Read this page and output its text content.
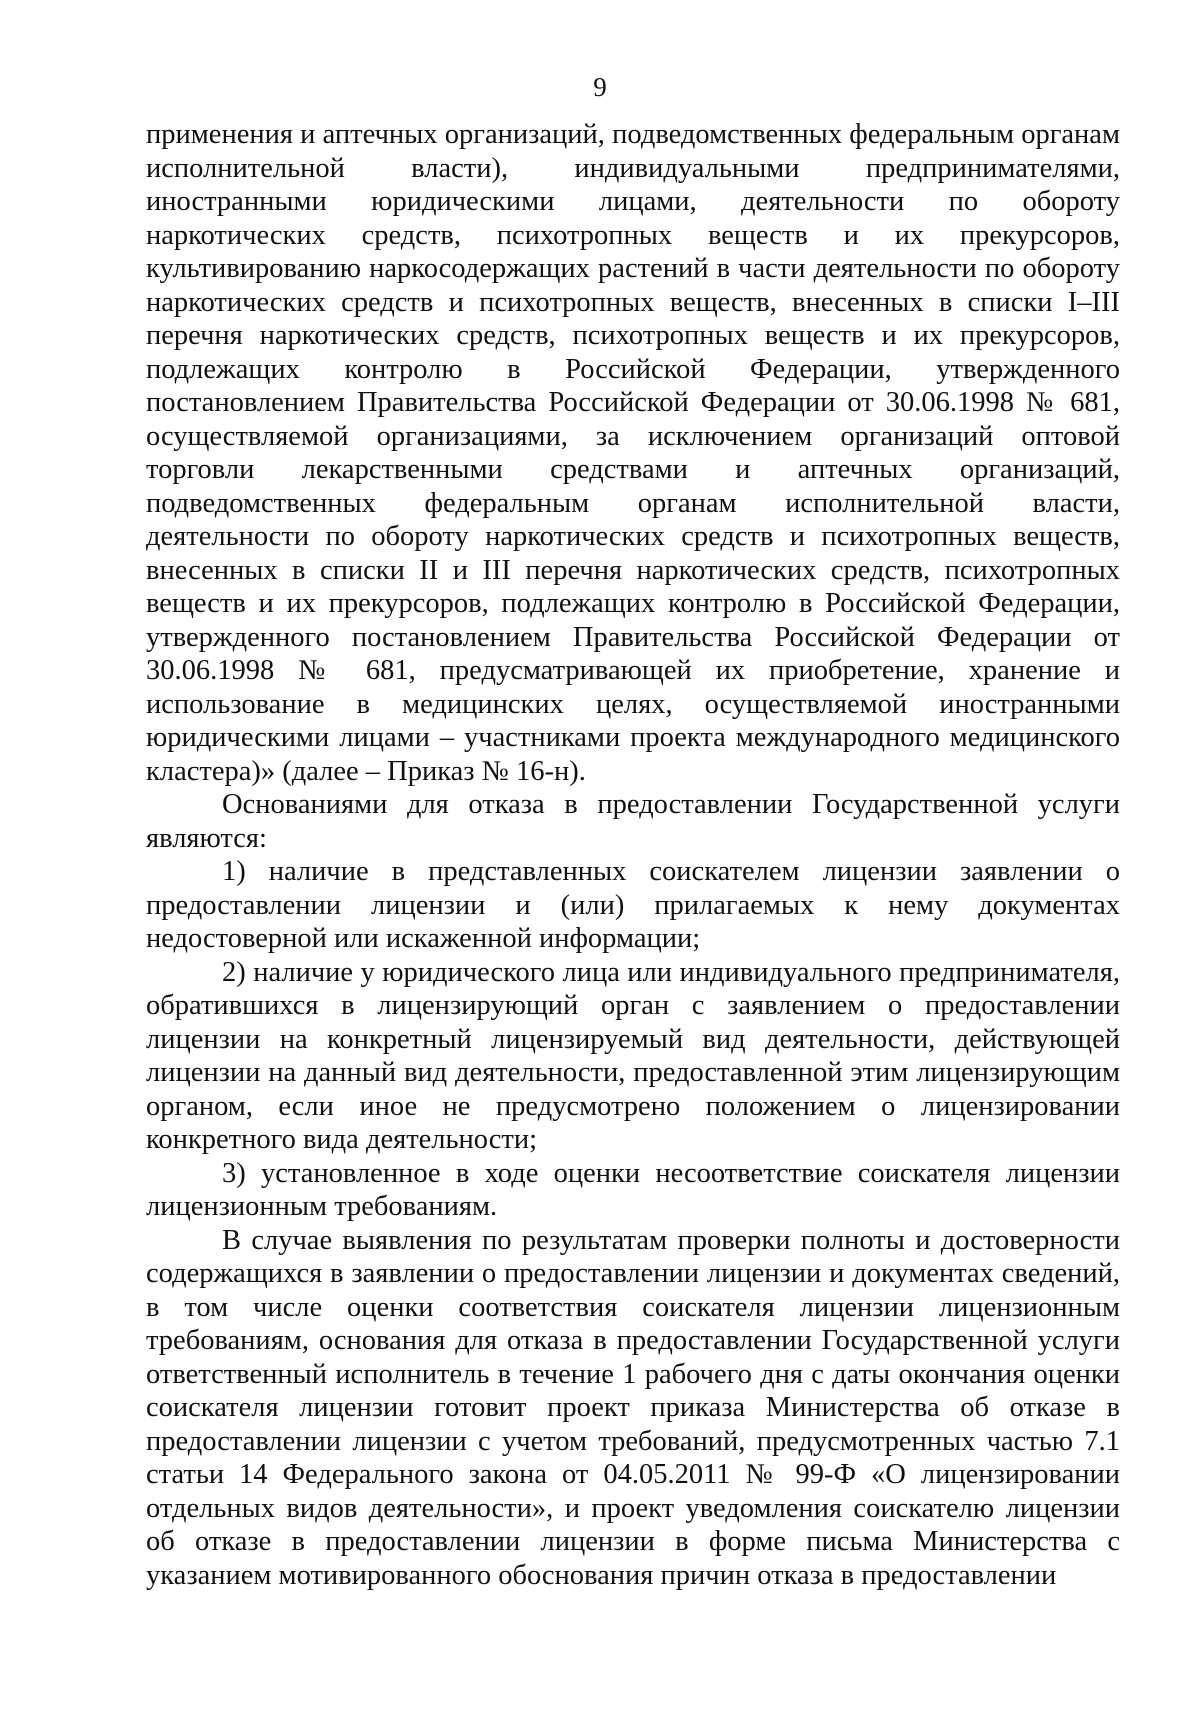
9

применения и аптечных организаций, подведомственных федеральным органам исполнительной власти), индивидуальными предпринимателями, иностранными юридическими лицами, деятельности по обороту наркотических средств, психотропных веществ и их прекурсоров, культивированию наркосодержащих растений в части деятельности по обороту наркотических средств и психотропных веществ, внесенных в списки I–III перечня наркотических средств, психотропных веществ и их прекурсоров, подлежащих контролю в Российской Федерации, утвержденного постановлением Правительства Российской Федерации от 30.06.1998 № 681, осуществляемой организациями, за исключением организаций оптовой торговли лекарственными средствами и аптечных организаций, подведомственных федеральным органам исполнительной власти, деятельности по обороту наркотических средств и психотропных веществ, внесенных в списки II и III перечня наркотических средств, психотропных веществ и их прекурсоров, подлежащих контролю в Российской Федерации, утвержденного постановлением Правительства Российской Федерации от 30.06.1998 № 681, предусматривающей их приобретение, хранение и использование в медицинских целях, осуществляемой иностранными юридическими лицами – участниками проекта международного медицинского кластера)» (далее – Приказ № 16-н).

Основаниями для отказа в предоставлении Государственной услуги являются:

1) наличие в представленных соискателем лицензии заявлении о предоставлении лицензии и (или) прилагаемых к нему документах недостоверной или искаженной информации;

2) наличие у юридического лица или индивидуального предпринимателя, обратившихся в лицензирующий орган с заявлением о предоставлении лицензии на конкретный лицензируемый вид деятельности, действующей лицензии на данный вид деятельности, предоставленной этим лицензирующим органом, если иное не предусмотрено положением о лицензировании конкретного вида деятельности;

3) установленное в ходе оценки несоответствие соискателя лицензии лицензионным требованиям.

В случае выявления по результатам проверки полноты и достоверности содержащихся в заявлении о предоставлении лицензии и документах сведений, в том числе оценки соответствия соискателя лицензии лицензионным требованиям, основания для отказа в предоставлении Государственной услуги ответственный исполнитель в течение 1 рабочего дня с даты окончания оценки соискателя лицензии готовит проект приказа Министерства об отказе в предоставлении лицензии с учетом требований, предусмотренных частью 7.1 статьи 14 Федерального закона от 04.05.2011 № 99-Ф «О лицензировании отдельных видов деятельности», и проект уведомления соискателю лицензии об отказе в предоставлении лицензии в форме письма Министерства с указанием мотивированного обоснования причин отказа в предоставлении
